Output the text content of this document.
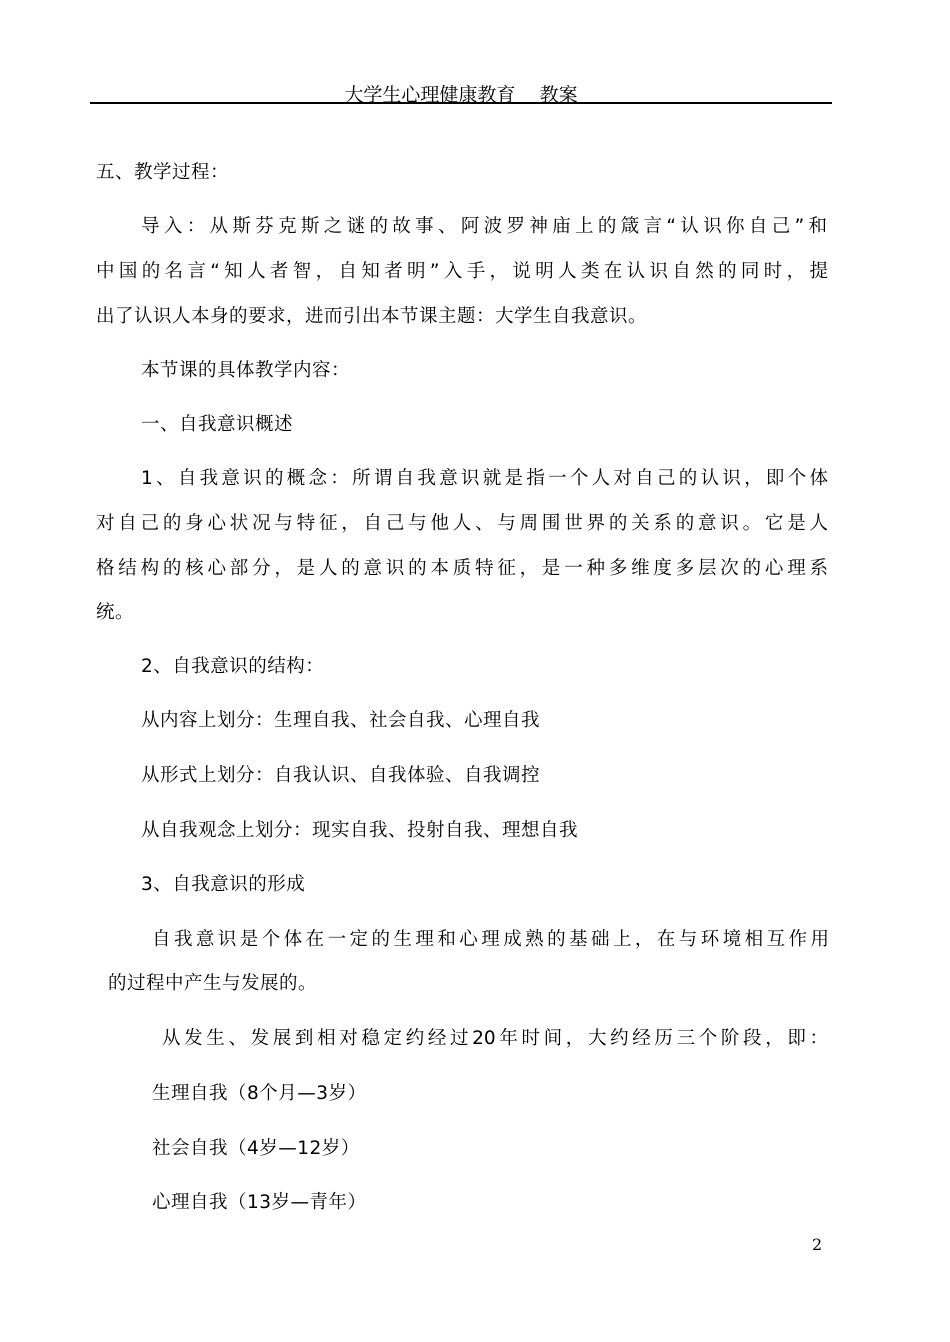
大学生心理健康教育    教案
五、教学过程：
导入：从斯芬克斯之谜的故事、阿波罗神庙上的箴言“认识你自己”和
中国的名言“知人者智，自知者明”入手，说明人类在认识自然的同时，提
出了认识人本身的要求，进而引出本节课主题：大学生自我意识。
本节课的具体教学内容：
一、自我意识概述
1、自我意识的概念：所谓自我意识就是指一个人对自己的认识，即个体
对自己的身心状况与特征，自己与他人、与周围世界的关系的意识。它是人
格结构的核心部分，是人的意识的本质特征，是一种多维度多层次的心理系
统。
2、自我意识的结构：
从内容上划分：生理自我、社会自我、心理自我
从形式上划分：自我认识、自我体验、自我调控
从自我观念上划分：现实自我、投射自我、理想自我
3、自我意识的形成
自我意识是个体在一定的生理和心理成熟的基础上，在与环境相互作用
的过程中产生与发展的。
从发生、发展到相对稳定约经过20年时间，大约经历三个阶段，即：
生理自我（8个月—3岁）
社会自我（4岁—12岁）
心理自我（13岁—青年）
2
